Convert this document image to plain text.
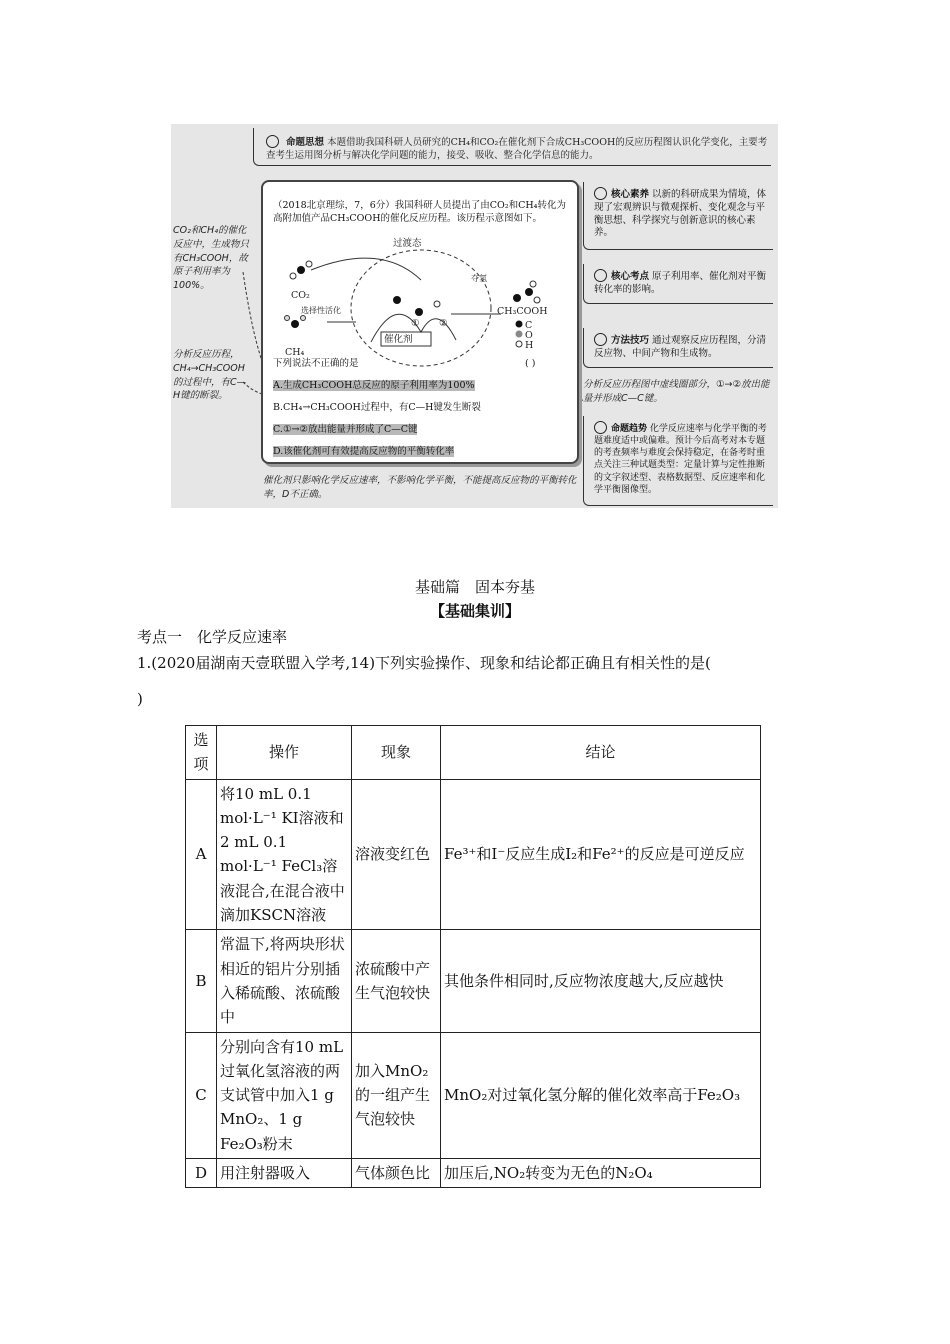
命题思想 本题借助我国科研人员研究的CH₄和CO₂在催化剂下合成CH₃COOH的反应历程图认识化学变化，主要考查考生运用图分析与解决化学问题的能力，接受、吸收、整合化学信息的能力。
CO₂和CH₄的催化反应中，生成物只有CH₃COOH，故原子利用率为100%。
分析反应历程，CH₄→CH₃COOH的过程中，有C—H键的断裂。
（2018北京理综，7，6分）我国科研人员提出了由CO₂和CH₄转化为高附加值产品CH₃COOH的催化反应历程。该历程示意图如下。
过渡态
CO₂
CH₄
选择性活化
催化剂
① ②
夺氢
CH₃COOH
C
O
H
下列说法不正确的是	( )
A.生成CH₃COOH总反应的原子利用率为100%
B.CH₄→CH₃COOH过程中，有C—H键发生断裂
C.①→②放出能量并形成了C—C键
D.该催化剂可有效提高反应物的平衡转化率
催化剂只影响化学反应速率，不影响化学平衡，不能提高反应物的平衡转化率，D不正确。
核心素养 以新的科研成果为情境，体现了宏观辨识与微观探析、变化观念与平衡思想、科学探究与创新意识的核心素养。
核心考点 原子利用率、催化剂对平衡转化率的影响。
方法技巧 通过观察反应历程图，分清反应物、中间产物和生成物。
分析反应历程图中虚线圈部分，①→②放出能量并形成C—C键。
命题趋势 化学反应速率与化学平衡的考题难度适中或偏难。预计今后高考对本专题的考查频率与难度会保持稳定，在备考时重点关注三种试题类型：定量计算与定性推断的文字叙述型、表格数据型、反应速率和化学平衡图像型。
基础篇　固本夯基
【基础集训】
考点一　化学反应速率
1.(2020届湖南天壹联盟入学考,14)下列实验操作、现象和结论都正确且有相关性的是(
)
选项	操作	现象	结论
A	将10 mL 0.1 mol·L⁻¹ KI溶液和2 mL 0.1 mol·L⁻¹ FeCl₃溶液混合,在混合液中滴加KSCN溶液	溶液变红色	Fe³⁺和I⁻反应生成I₂和Fe²⁺的反应是可逆反应
B	常温下,将两块形状相近的铝片分别插入稀硫酸、浓硫酸中	浓硫酸中产生气泡较快	其他条件相同时,反应物浓度越大,反应越快
C	分别向含有10 mL过氧化氢溶液的两支试管中加入1 g MnO₂、1 g Fe₂O₃粉末	加入MnO₂的一组产生气泡较快	MnO₂对过氧化氢分解的催化效率高于Fe₂O₃
D	用注射器吸入	气体颜色比	加压后,NO₂转变为无色的N₂O₄
